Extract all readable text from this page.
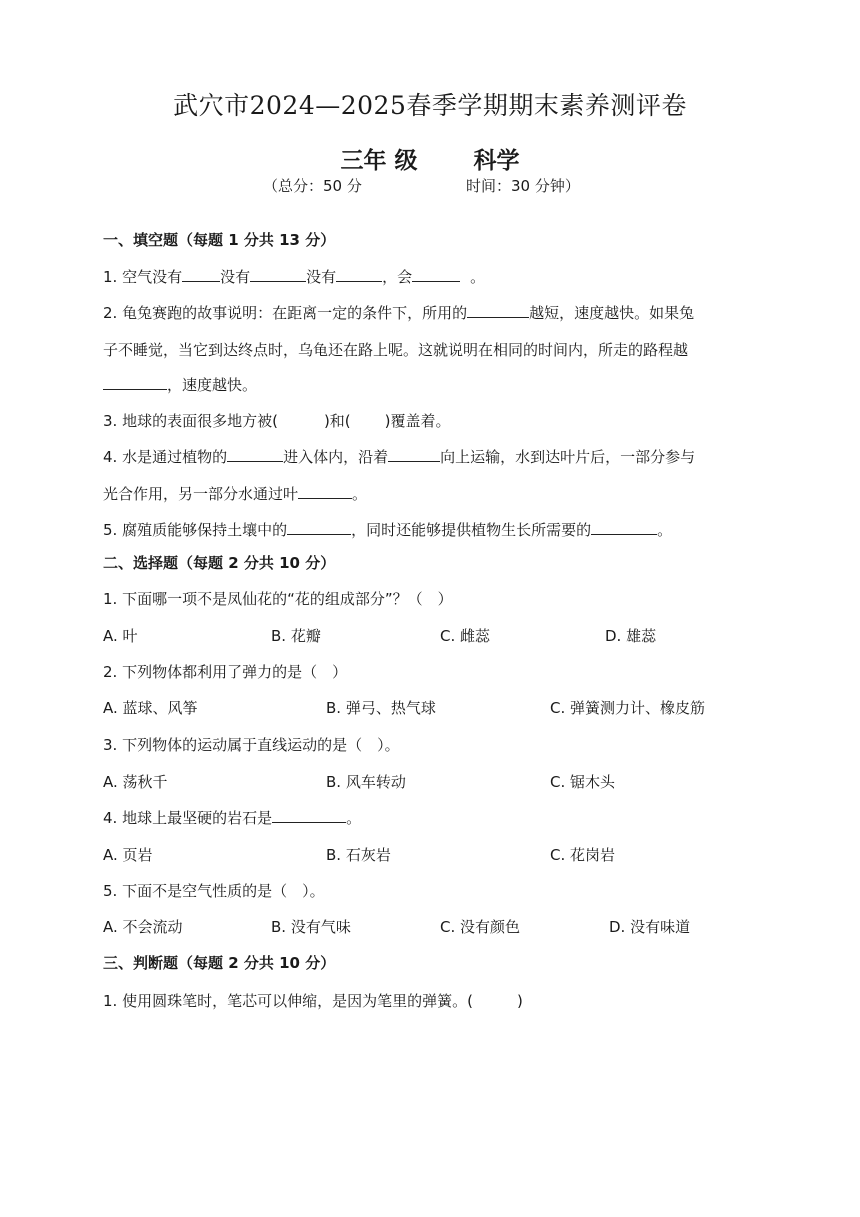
武穴市2024—2025春季学期期末素养测评卷
三年 级 科学
（总分：50 分	时间：30 分钟）
一、填空题（每题 1 分共 13 分）
1. 空气没有	没有	没有	，会	。
2. 龟兔赛跑的故事说明：在距离一定的条件下，所用的	越短，速度越快。如果兔
子不睡觉，当它到达终点时，乌龟还在路上呢。这就说明在相同的时间内，所走的路程越
，速度越快。
3. 地球的表面很多地方被(	)和( )覆盖着。
4. 水是通过植物的	进入体内，沿着	向上运输，水到达叶片后，一部分参与
光合作用，另一部分水通过叶	。
5. 腐殖质能够保持土壤中的	，同时还能够提供植物生长所需要的	。
二、选择题（每题 2 分共 10 分）
1. 下面哪一项不是凤仙花的“花的组成部分”？（　）
A. 叶	B. 花瓣	C. 雌蕊	D. 雄蕊
2. 下列物体都利用了弹力的是（　）
A. 蓝球、风筝	B. 弹弓、热气球	C. 弹簧测力计、橡皮筋
3. 下列物体的运动属于直线运动的是（　）。
A. 荡秋千	B. 风车转动	C. 锯木头
4. 地球上最坚硬的岩石是	。
A. 页岩	B. 石灰岩	C. 花岗岩
5. 下面不是空气性质的是（　）。
A. 不会流动	B. 没有气味	C. 没有颜色	D. 没有味道
三、判断题（每题 2 分共 10 分）
1. 使用圆珠笔时，笔芯可以伸缩，是因为笔里的弹簧。(	)
